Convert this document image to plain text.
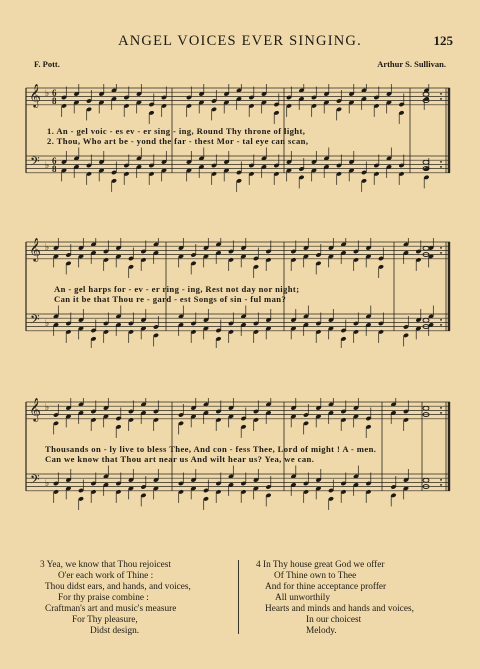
ANGEL VOICES EVER SINGING.	125
F. Pott.	Arthur S. Sullivan.
𝄞
𝄢
♭
♭
6
8
6
8
1. An - gel voic - es ev - er sing - ing, Round Thy throne of light,
2. Thou, Who art be - yond the far - thest Mor - tal eye can scan,
𝄞
𝄢
♭
♭
An - gel harps for - ev - er ring - ing, Rest not day nor night;
Can it be that Thou re - gard - est Songs of sin - ful man?
𝄞
𝄢
♭
♭
Thousands on - ly live to bless Thee, And con - fess Thee, Lord of might ! A - men.
Can we know that Thou art near us And wilt hear us? Yea, we can.
3 Yea, we know that Thou rejoicest
O'er each work of Thine :
Thou didst ears, and hands, and voices,
For thy praise combine :
Craftman's art and music's measure
For Thy pleasure,
Didst design.
4 In Thy house great God we offer
Of Thine own to Thee
And for thine acceptance proffer
All unworthily
Hearts and minds and hands and voices,
In our choicest
Melody.
